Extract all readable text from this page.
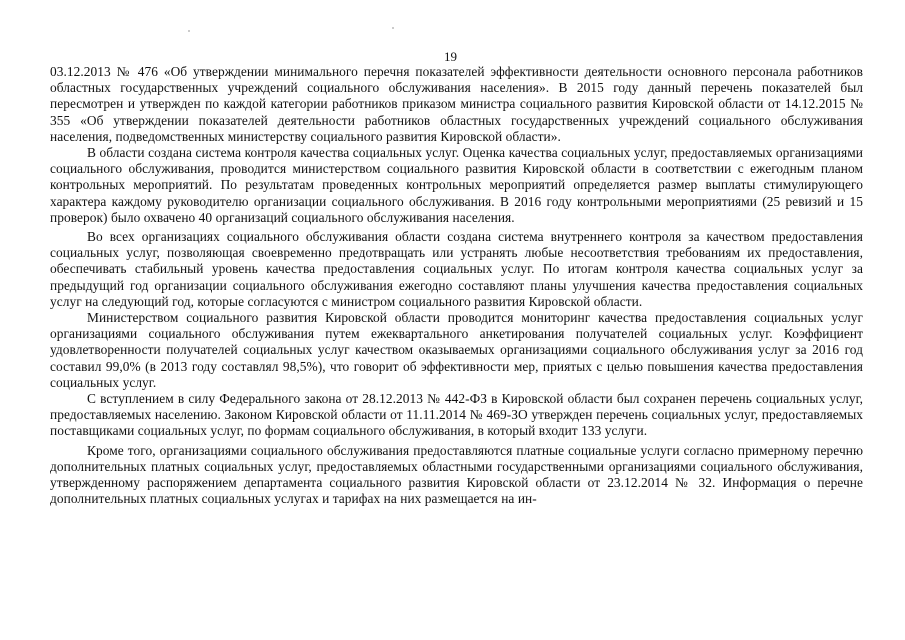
19

03.12.2013 № 476 «Об утверждении минимального перечня показателей эффективности деятельности основного персонала работников областных государственных учреждений социального обслуживания населения». В 2015 году данный перечень показателей был пересмотрен и утвержден по каждой категории работников приказом министра социального развития Кировской области от 14.12.2015 № 355 «Об утверждении показателей деятельности работников областных государственных учреждений социального обслуживания населения, подведомственных министерству социального развития Кировской области».

В области создана система контроля качества социальных услуг. Оценка качества социальных услуг, предоставляемых организациями социального обслуживания, проводится министерством социального развития Кировской области в соответствии с ежегодным планом контрольных мероприятий. По результатам проведенных контрольных мероприятий определяется размер выплаты стимулирующего характера каждому руководителю организации социального обслуживания. В 2016 году контрольными мероприятиями (25 ревизий и 15 проверок) было охвачено 40 организаций социального обслуживания населения.

Во всех организациях социального обслуживания области создана система внутреннего контроля за качеством предоставления социальных услуг, позволяющая своевременно предотвращать или устранять любые несоответствия требованиям их предоставления, обеспечивать стабильный уровень качества предоставления социальных услуг. По итогам контроля качества социальных услуг за предыдущий год организации социального обслуживания ежегодно составляют планы улучшения качества предоставления социальных услуг на следующий год, которые согласуются с министром социального развития Кировской области.

Министерством социального развития Кировской области проводится мониторинг качества предоставления социальных услуг организациями социального обслуживания путем ежеквартального анкетирования получателей социальных услуг. Коэффициент удовлетворенности получателей социальных услуг качеством оказываемых организациями социального обслуживания услуг за 2016 год составил 99,0% (в 2013 году составлял 98,5%), что говорит об эффективности мер, приятых с целью повышения качества предоставления социальных услуг.

С вступлением в силу Федерального закона от 28.12.2013 № 442-ФЗ в Кировской области был сохранен перечень социальных услуг, предоставляемых населению. Законом Кировской области от 11.11.2014 № 469-ЗО утвержден перечень социальных услуг, предоставляемых поставщиками социальных услуг, по формам социального обслуживания, в который входит 133 услуги.

Кроме того, организациями социального обслуживания предоставляются платные социальные услуги согласно примерному перечню дополнительных платных социальных услуг, предоставляемых областными государственными организациями социального обслуживания, утвержденному распоряжением департамента социального развития Кировской области от 23.12.2014 № 32. Информация о перечне дополнительных платных социальных услугах и тарифах на них размещается на ин-
